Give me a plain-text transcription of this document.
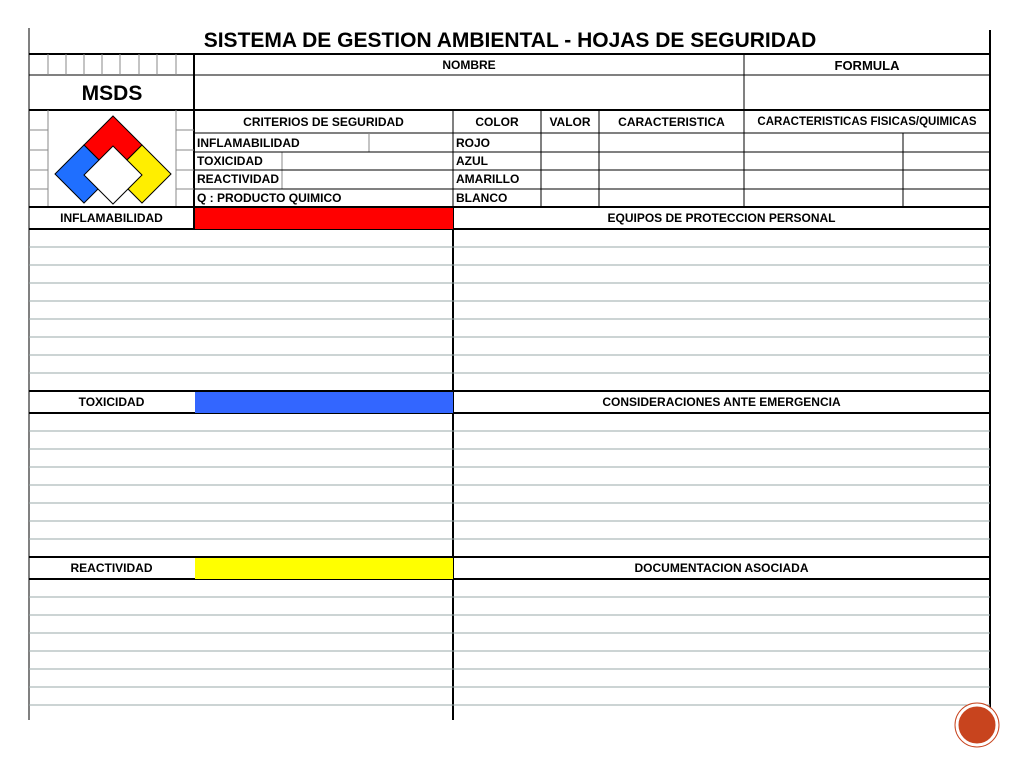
SISTEMA DE GESTION AMBIENTAL - HOJAS DE SEGURIDAD
NOMBRE	FORMULA
MSDS
CRITERIOS DE SEGURIDAD	COLOR	VALOR	CARACTERISTICA	CARACTERISTICAS FISICAS/QUIMICAS
INFLAMABILIDAD	ROJO
TOXICIDAD	AZUL
REACTIVIDAD	AMARILLO
Q : PRODUCTO QUIMICO	BLANCO
INFLAMABILIDAD	EQUIPOS DE PROTECCION PERSONAL
TOXICIDAD	CONSIDERACIONES ANTE EMERGENCIA
REACTIVIDAD	DOCUMENTACION ASOCIADA
